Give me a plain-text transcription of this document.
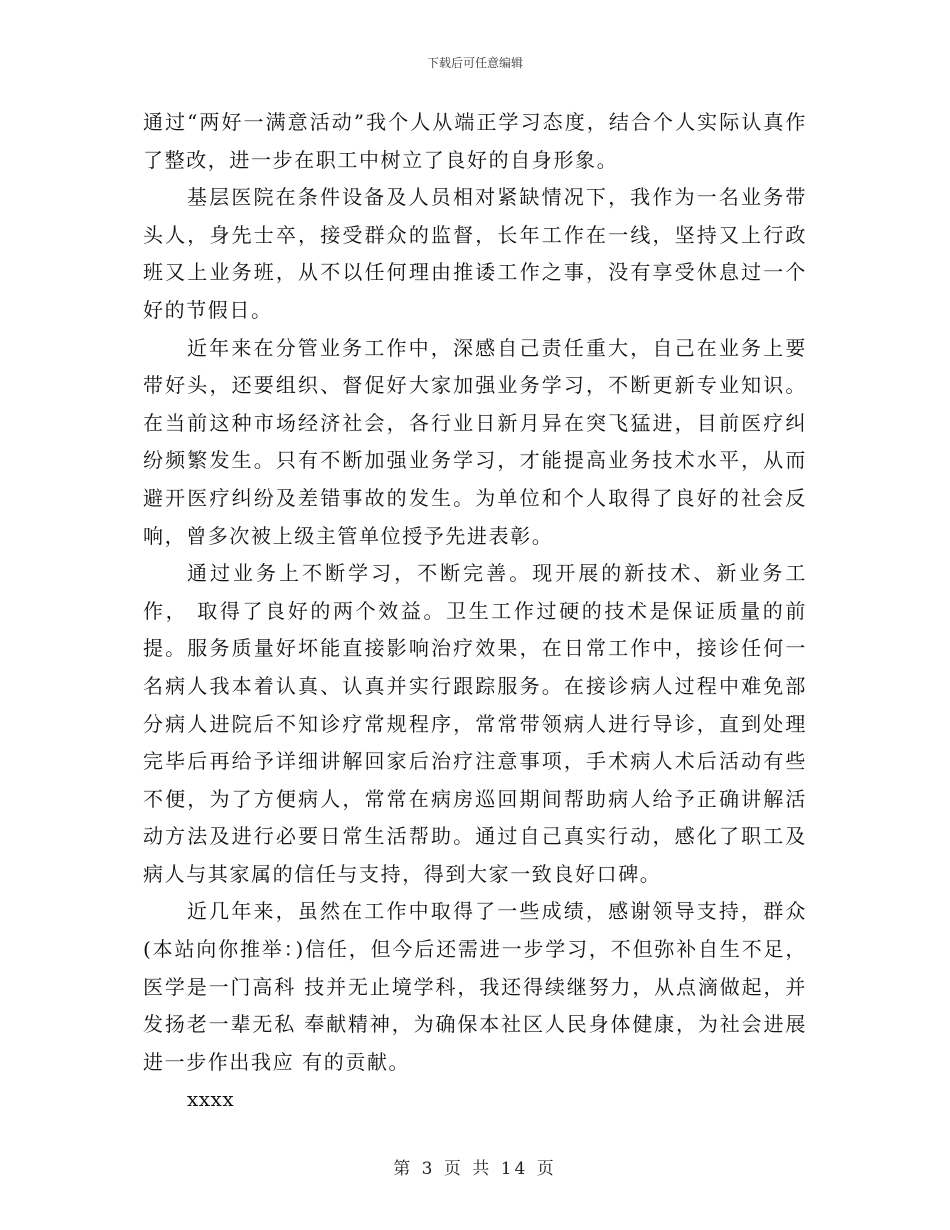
下载后可任意编辑

通过“两好一满意活动”我个人从端正学习态度，结合个人实际认真作了整改，进一步在职工中树立了良好的自身形象。

基层医院在条件设备及人员相对紧缺情况下，我作为一名业务带头人，身先士卒，接受群众的监督，长年工作在一线，坚持又上行政班又上业务班，从不以任何理由推诿工作之事，没有享受休息过一个好的节假日。

近年来在分管业务工作中，深感自己责任重大，自己在业务上要带好头，还要组织、督促好大家加强业务学习，不断更新专业知识。在当前这种市场经济社会，各行业日新月异在突飞猛进，目前医疗纠纷频繁发生。只有不断加强业务学习，才能提高业务技术水平，从而避开医疗纠纷及差错事故的发生。为单位和个人取得了良好的社会反响，曾多次被上级主管单位授予先进表彰。

通过业务上不断学习，不断完善。现开展的新技术、新业务工作， 取得了良好的两个效益。卫生工作过硬的技术是保证质量的前提。服务质量好坏能直接影响治疗效果，在日常工作中，接诊任何一名病人我本着认真、认真并实行跟踪服务。在接诊病人过程中难免部分病人进院后不知诊疗常规程序，常常带领病人进行导诊，直到处理完毕后再给予详细讲解回家后治疗注意事项，手术病人术后活动有些不便，为了方便病人，常常在病房巡回期间帮助病人给予正确讲解活动方法及进行必要日常生活帮助。通过自己真实行动，感化了职工及病人与其家属的信任与支持，得到大家一致良好口碑。

近几年来，虽然在工作中取得了一些成绩，感谢领导支持，群众(本站向你推举：)信任，但今后还需进一步学习，不但弥补自生不足，医学是一门高科 技并无止境学科，我还得续继努力，从点滴做起，并发扬老一辈无私 奉献精神，为确保本社区人民身体健康，为社会进展进一步作出我应 有的贡献。

xxxx

第 3 页 共 14 页
